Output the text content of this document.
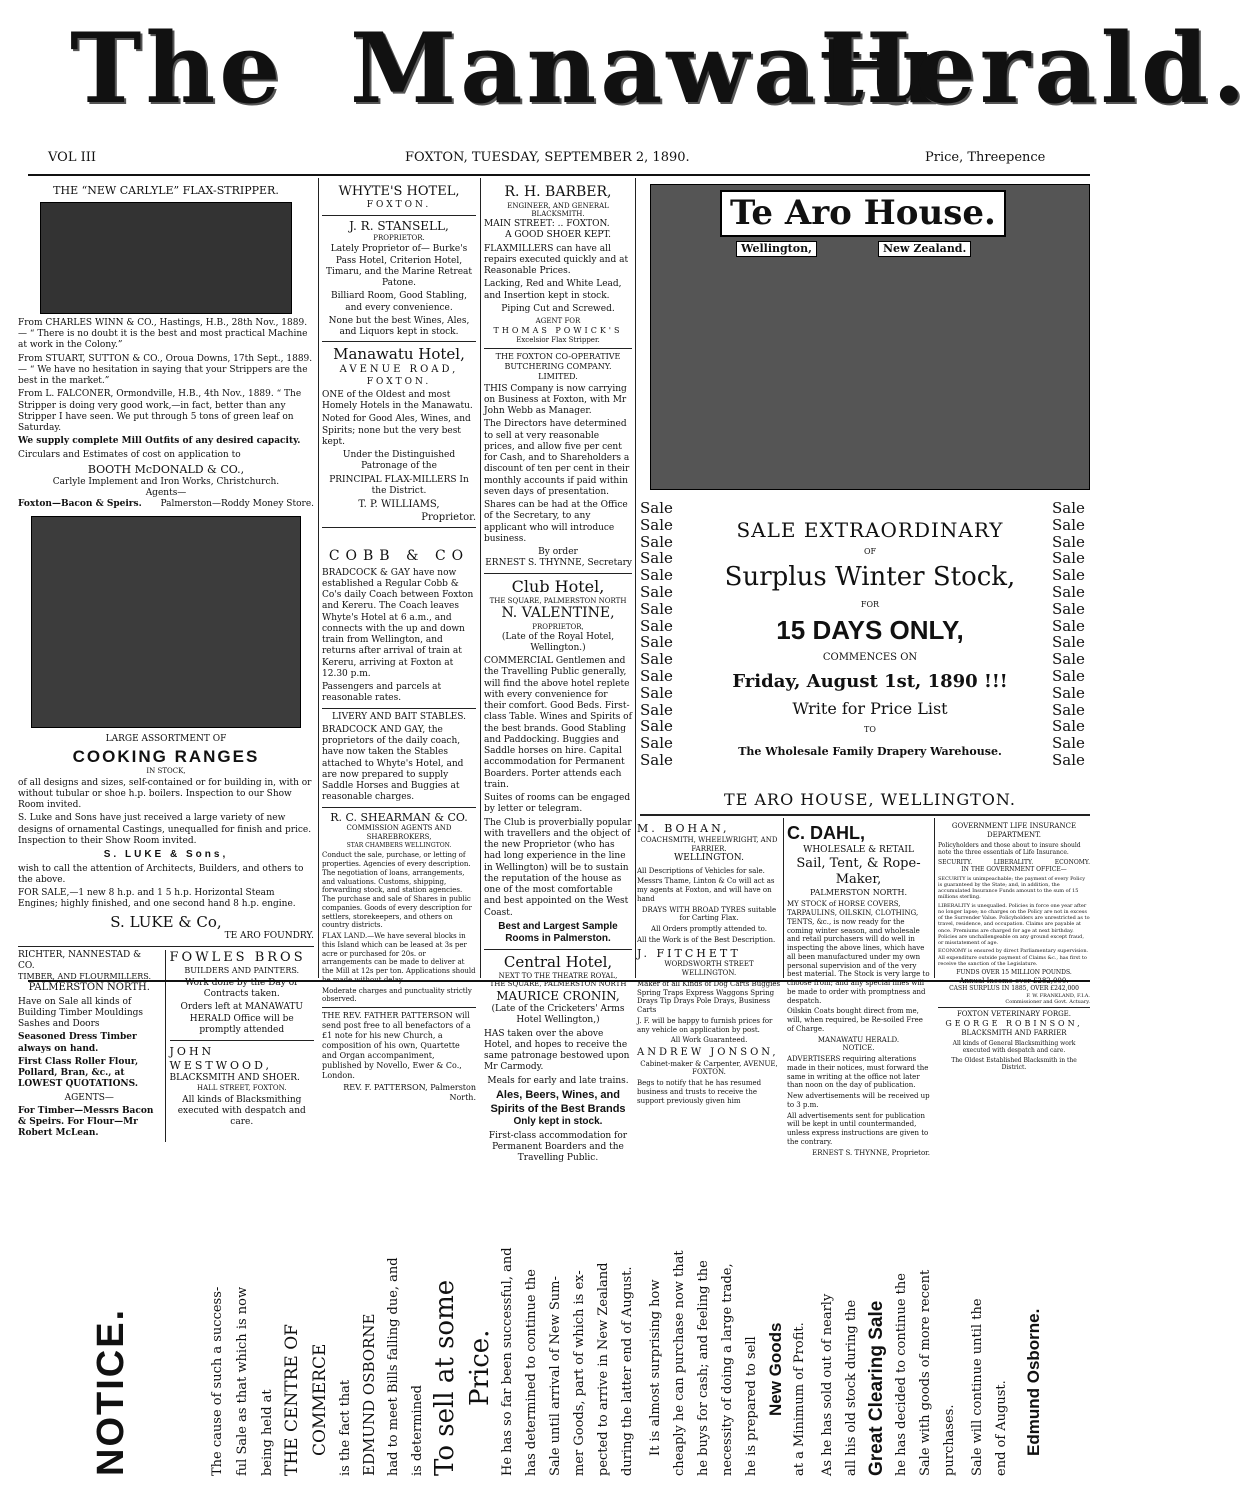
The Manawatu
Herald.
VOL III	FOXTON, TUESDAY, SEPTEMBER 2, 1890.	Price, Threepence
THE “NEW CARLYLE” FLAX-STRIPPER.

From CHARLES WINN & CO., Hastings, H.B., 28th Nov., 1889.— “ There is no doubt it is the best and most practical Machine at work in the Colony.”

From STUART, SUTTON & CO., Oroua Downs, 17th Sept., 1889.— “ We have no hesitation in saying that your Strippers are the best in the market.”

From L. FALCONER, Ormondville, H.B., 4th Nov., 1889. “ The Stripper is doing very good work,—in fact, better than any Stripper I have seen. We put through 5 tons of green leaf on Saturday.

We supply complete Mill Outfits of any desired capacity.

Circulars and Estimates of cost on application to

BOOTH McDONALD & CO.,
Carlyle Implement and Iron Works, Christchurch.
Agents—
Foxton—Bacon & Speirs. Palmerston—Roddy Money Store.
LARGE ASSORTMENT OF
COOKING RANGES
IN STOCK,

of all designs and sizes, self-contained or for building in, with or without tubular or shoe h.p. boilers. Inspection to our Show Room invited.

S. Luke and Sons have just received a large variety of new designs of ornamental Castings, unequalled for finish and price. Inspection to their Show Room invited.

S. LUKE & Sons,

wish to call the attention of Architects, Builders, and others to the above.

FOR SALE,—1 new 8 h.p. and 1 5 h.p. Horizontal Steam Engines; highly finished, and one second hand 8 h.p. engine.

S. LUKE & Co,
TE ARO FOUNDRY.
RICHTER, NANNESTAD & CO.
TIMBER, AND FLOURMILLERS.
PALMERSTON NORTH.

Have on Sale all kinds of Building Timber Mouldings Sashes and Doors

Seasoned Dress Timber always on hand.

First Class Roller Flour, Pollard, Bran, &c., at LOWEST QUOTATIONS.

AGENTS—

For Timber—Messrs Bacon & Speirs. For Flour—Mr Robert McLean.

FOWLES BROS
BUILDERS AND PAINTERS.

Work done by the Day or Contracts taken.

Orders left at MANAWATU HERALD Office will be promptly attended

JOHN WESTWOOD,
BLACKSMITH AND SHOER.
HALL STREET, FOXTON.

All kinds of Blacksmithing executed with despatch and care.

WHYTE'S HOTEL,
FOXTON.
J. R. STANSELL,
PROPRIETOR.

Lately Proprietor of— Burke's Pass Hotel, Criterion Hotel, Timaru, and the Marine Retreat Patone.

Billiard Room, Good Stabling, and every convenience.

None but the best Wines, Ales, and Liquors kept in stock.

Manawatu Hotel,
AVENUE ROAD,
FOXTON.

ONE of the Oldest and most Homely Hotels in the Manawatu.

Noted for Good Ales, Wines, and Spirits; none but the very best kept.

Under the Distinguished Patronage of the

PRINCIPAL FLAX-MILLERS In the District.

T. P. WILLIAMS,
Proprietor.
COBB & CO

BRADCOCK & GAY have now established a Regular Cobb & Co's daily Coach between Foxton and Kereru. The Coach leaves Whyte's Hotel at 6 a.m., and connects with the up and down train from Wellington, and returns after arrival of train at Kereru, arriving at Foxton at 12.30 p.m.

Passengers and parcels at reasonable rates.

LIVERY AND BAIT STABLES.

BRADCOCK AND GAY, the proprietors of the daily coach, have now taken the Stables attached to Whyte's Hotel, and are now prepared to supply Saddle Horses and Buggies at reasonable charges.

R. C. SHEARMAN & CO.
COMMISSION AGENTS AND SHAREBROKERS,
STAR CHAMBERS WELLINGTON.

Conduct the sale, purchase, or letting of properties. Agencies of every description. The negotiation of loans, arrangements, and valuations. Customs, shipping, forwarding stock, and station agencies. The purchase and sale of Shares in public companies. Goods of every description for settlers, storekeepers, and others on country districts.

FLAX LAND.—We have several blocks in this Island which can be leased at 3s per acre or purchased for 20s. or arrangements can be made to deliver at the Mill at 12s per ton. Applications should be made without delay.

Moderate charges and punctuality strictly observed.

THE REV. FATHER PATTERSON will send post free to all benefactors of a £1 note for his new Church, a composition of his own, Quartette and Organ accompaniment, published by Novello, Ewer & Co., London.

REV. F. PATTERSON, Palmerston North.
R. H. BARBER,
ENGINEER, AND GENERAL BLACKSMITH.
MAIN STREET: .. FOXTON.
A GOOD SHOER KEPT.

FLAXMILLERS can have all repairs executed quickly and at Reasonable Prices.

Lacking, Red and White Lead, and Insertion kept in stock.

Piping Cut and Screwed.

AGENT FOR
THOMAS POWICK'S
Excelsior Flax Stripper.
THE FOXTON CO-OPERATIVE BUTCHERING COMPANY. LIMITED.

THIS Company is now carrying on Business at Foxton, with Mr John Webb as Manager.

The Directors have determined to sell at very reasonable prices, and allow five per cent for Cash, and to Shareholders a discount of ten per cent in their monthly accounts if paid within seven days of presentation.

Shares can be had at the Office of the Secretary, to any applicant who will introduce business.

By order
ERNEST S. THYNNE, Secretary
Club Hotel,
THE SQUARE, PALMERSTON NORTH
N. VALENTINE,
PROPRIETOR,
(Late of the Royal Hotel, Wellington.)

COMMERCIAL Gentlemen and the Travelling Public generally, will find the above hotel replete with every convenience for their comfort. Good Beds. First-class Table. Wines and Spirits of the best brands. Good Stabling and Paddocking. Buggies and Saddle horses on hire. Capital accommodation for Permanent Boarders. Porter attends each train.

Suites of rooms can be engaged by letter or telegram.

The Club is proverbially popular with travellers and the object of the new Proprietor (who has had long experience in the line in Wellington) will be to sustain the reputation of the house as one of the most comfortable and best appointed on the West Coast.

Best and Largest Sample Rooms in Palmerston.
Central Hotel,
NEXT TO THE THEATRE ROYAL,
THE SQUARE, PALMERSTON NORTH
MAURICE CRONIN,
(Late of the Cricketers' Arms Hotel Wellington,)

HAS taken over the above Hotel, and hopes to receive the same patronage bestowed upon Mr Carmody.

Meals for early and late trains.

Ales, Beers, Wines, and Spirits of the Best Brands
Only kept in stock.

First-class accommodation for Permanent Boarders and the Travelling Public.

Sale
Sale
Sale
Sale
Sale
Sale
Sale
Sale
Sale
Sale
Sale
Sale
Sale
Sale
Sale
Sale
Sale
Sale
Sale
Sale
Sale
Sale
Sale
Sale
Sale
Sale
Sale
Sale
Sale
Sale
Sale
Sale
Te Aro House.
Wellington,	New Zealand.
SALE EXTRAORDINARY
OF
Surplus Winter Stock,
FOR
15 DAYS ONLY,
COMMENCES ON
Friday, August 1st, 1890 !!!
Write for Price List
TO
The Wholesale Family Drapery Warehouse.
TE ARO HOUSE, WELLINGTON.
M. BOHAN,
COACHSMITH, WHEELWRIGHT, AND FARRIER.
WELLINGTON.

All Descriptions of Vehicles for sale.

Messrs Thame, Linton & Co will act as my agents at Foxton, and will have on hand

DRAYS WITH BROAD TYRES suitable for Carting Flax.

All Orders promptly attended to.

All the Work is of the Best Description.

J. FITCHETT
WORDSWORTH STREET WELLINGTON.

Maker of all Kinds of Dog Carts Buggies Spring Traps Express Waggons Spring Drays Tip Drays Pole Drays, Business Carts

J. F. will be happy to furnish prices for any vehicle on application by post.

All Work Guaranteed.

ANDREW JONSON,
Cabinet-maker & Carpenter, AVENUE, FOXTON.

Begs to notify that he has resumed business and trusts to receive the support previously given him

C. DAHL,
WHOLESALE & RETAIL
Sail, Tent, & Rope-Maker,
PALMERSTON NORTH.

MY STOCK of HORSE COVERS, TARPAULINS, OILSKIN, CLOTHING, TENTS, &c., is now ready for the coming winter season, and wholesale and retail purchasers will do well in inspecting the above lines, which have all been manufactured under my own personal supervision and of the very best material. The Stock is very large to choose from; and any special lines will be made to order with promptness and despatch.

Oilskin Coats bought direct from me, will, when required, be Re-soiled Free of Charge.

MANAWATU HERALD.
NOTICE.

ADVERTISERS requiring alterations made in their notices, must forward the same in writing at the office not later than noon on the day of publication.

New advertisements will be received up to 3 p.m.

All advertisements sent for publication will be kept in until countermanded, unless express instructions are given to the contrary.

ERNEST S. THYNNE, Proprietor.
GOVERNMENT LIFE INSURANCE DEPARTMENT.

Policyholders and those about to insure should note the three essentials of Life Insurance.

SECURITY.	LIBERALITY.	ECONOMY.
IN THE GOVERNMENT OFFICE—

SECURITY is unimpeachable; the payment of every Policy is guaranteed by the State; and, in addition, the accumulated Insurance Funds amount to the sum of 15 millions sterling.

LIBERALITY is unequalled. Policies in force one year after no longer lapse; no charges on the Policy are not in excess of the Surrender Value. Policyholders are unrestricted as to travel, residence, and occupation. Claims are payable at once. Premiums are charged for age at next birthday. Policies are unchallengeable on any ground except fraud, or misstatement of age.

ECONOMY is ensured by direct Parliamentary supervision. All expenditure outside payment of Claims &c., has first to receive the sanction of the Legislature.

FUNDS OVER 15 MILLION POUNDS.
Annual Income over £282,000.
CASH SURPLUS IN 1885, OVER £242,000
F. W. FRANKLAND, F.I.A.
Commissioner and Govt. Actuary.
FOXTON VETERINARY FORGE.
GEORGE ROBINSON,
BLACKSMITH AND FARRIER

All kinds of General Blacksmithing work executed with despatch and care.

The Oldest Established Blacksmith in the District.

NOTICE.	The cause of such a success- ful Sale as that which is now being held at THE CENTRE OF COMMERCE is the fact that EDMUND OSBORNE had to meet Bills falling due, and is determined To sell at some Price. He has so far been successful, and has determined to continue the Sale until arrival of New Sum- mer Goods, part of which is ex- pected to arrive in New Zealand during the latter end of August. It is almost surprising how cheaply he can purchase now that he buys for cash; and feeling the necessity of doing a large trade, he is prepared to sell New Goods at a Minimum of Profit. As he has sold out of nearly all his old stock during the Great Clearing Sale he has decided to continue the Sale with goods of more recent purchases. Sale will continue until the end of August. Edmund Osborne.
